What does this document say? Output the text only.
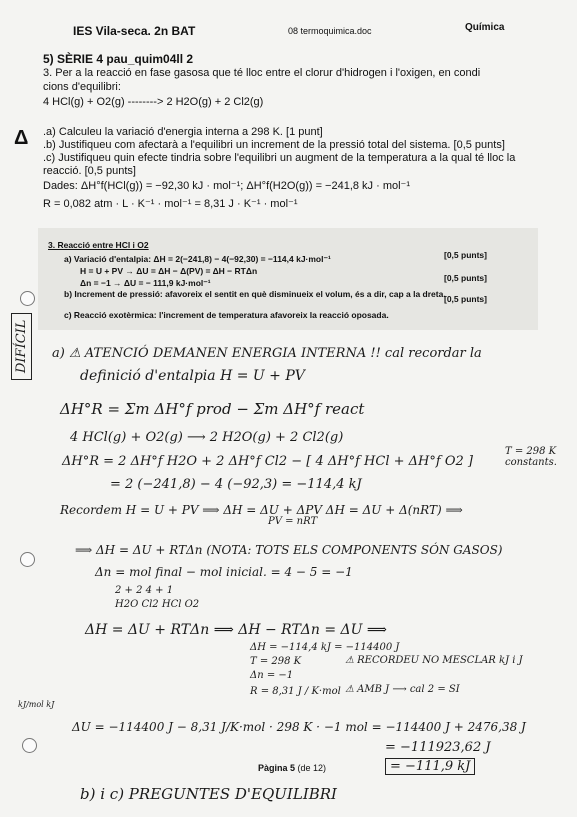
IES Vila-seca. 2n BAT	08 termoquimica.doc	Química
5) SÈRIE 4 pau_quim04ll 2
3. Per a la reacció en fase gasosa que té lloc entre el clorur d'hidrogen i l'oxigen, en condi
cions d'equilibri:
4 HCl(g) + O2(g) --------> 2 H2O(g) + 2 Cl2(g)
Δ .a) Calculeu la variació d'energia interna a 298 K. [1 punt]
.b) Justifiqueu com afectarà a l'equilibri un increment de la pressió total del sistema. [0,5 punts]
.c) Justifiqueu quin efecte tindria sobre l'equilibri un augment de la temperatura a la qual té lloc la
reacció. [0,5 punts]
Dades: ΔH°f(HCl(g)) = −92,30 kJ · mol⁻¹; ΔH°f(H2O(g)) = −241,8 kJ · mol⁻¹
R = 0,082 atm · L · K⁻¹ · mol⁻¹ = 8,31 J · K⁻¹ · mol⁻¹
3. Reacció entre HCl i O2
a) Variació d'entalpia: ΔH = 2(−241,8) − 4(−92,30) = −114,4 kJ·mol⁻¹	[0,5 punts]
H = U + PV → ΔU = ΔH − Δ(PV) = ΔH − RTΔn
Δn = −1 → ΔU = − 111,9 kJ·mol⁻¹	[0,5 punts]
b) Increment de pressió: afavoreix el sentit en què disminueix el volum, és a dir, cap a la dreta.
[0,5 punts]
c) Reacció exotèrmica: l'increment de temperatura afavoreix la reacció oposada.
DIFÍCIL a) ⚠ ATENCIÓ DEMANEN ENERGIA INTERNA !! cal recordar la
definició d'entalpia H = U + PV
ΔH°R = Σm ΔH°f prod − Σm ΔH°f react
4 HCl(g) + O2(g) ⟶ 2 H2O(g) + 2 Cl2(g)
ΔH°R = 2 ΔH°f H2O + 2 ΔH°f Cl2 − [ 4 ΔH°f HCl + ΔH°f O2 ]
T = 298 K constants.
= 2 (−241,8) − 4 (−92,3) = −114,4 kJ
Recordem H = U + PV ⟹ ΔH = ΔU + ΔPV ΔH = ΔU + Δ(nRT) ⟹
PV = nRT
⟹ ΔH = ΔU + RTΔn (NOTA: TOTS ELS COMPONENTS SÓN GASOS)
Δn = mol final − mol inicial. = 4 − 5 = −1
2 + 2 4 + 1
H2O Cl2 HCl O2
ΔH = ΔU + RTΔn ⟹ ΔH − RTΔn = ΔU ⟹
ΔH = −114,4 kJ = −114400 J
T = 298 K
Δn = −1
R = 8,31 J / K·mol
⚠ RECORDEU NO MESCLAR kJ i J
⚠ AMB J ⟶ cal 2 = SI
kJ/mol kJ
ΔU = −114400 J − 8,31 J/K·mol · 298 K · −1 mol = −114400 J + 2476,38 J
= −111923,62 J
= −111,9 kJ
b) i c) PREGUNTES D'EQUILIBRI
Pàgina 5 (de 12)
